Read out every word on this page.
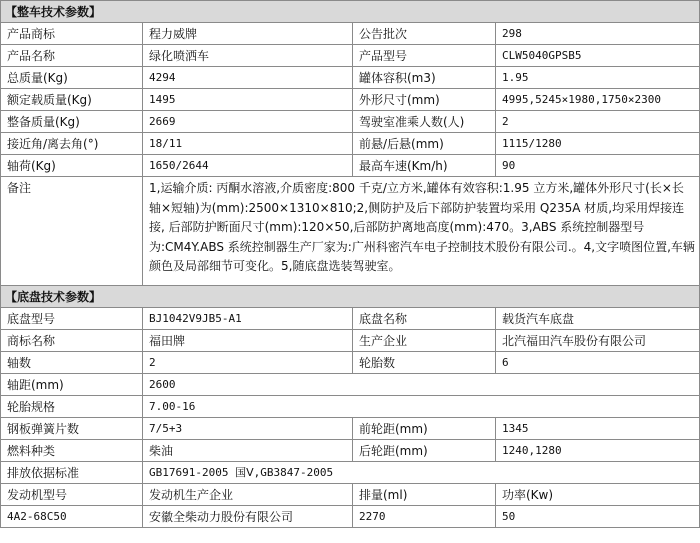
【整车技术参数】			
产品商标	程力威牌	公告批次	298
产品名称	绿化喷洒车	产品型号	CLW5040GPSB5
总质量(Kg)	4294	罐体容积(m3)	1.95
额定载质量(Kg)	1495	外形尺寸(mm)	4995,5245×1980,1750×2300
整备质量(Kg)	2669	驾驶室准乘人数(人)	2
接近角/离去角(°)	18/11	前悬/后悬(mm)	1115/1280
轴荷(Kg)	1650/2644	最高车速(Km/h)	90
备注	1,运输介质: 丙酮水溶液,介质密度:800 千克/立方米,罐体有效容积:1.95 立方米,罐体外形尺寸(长×长轴×短轴)为(mm):2500×1310×810;2,侧防护及后下部防护装置均采用 Q235A 材质,均采用焊接连接, 后部防护断面尺寸(mm):120×50,后部防护离地高度(mm):470。3,ABS 系统控制器型号为:CM4Y.ABS 系统控制器生产厂家为:广州科密汽车电子控制技术股份有限公司.。4,文字喷图位置,车辆颜色及局部细节可变化。5,随底盘选装驾驶室。		
【底盘技术参数】			
底盘型号	BJ1042V9JB5-A1	底盘名称	载货汽车底盘
商标名称	福田牌	生产企业	北汽福田汽车股份有限公司
轴数	2	轮胎数	6
轴距(mm)	2600		
轮胎规格	7.00-16		
钢板弹簧片数	7/5+3	前轮距(mm)	1345
燃料种类	柴油	后轮距(mm)	1240,1280
排放依据标准	GB17691-2005 国Ⅴ,GB3847-2005		
发动机型号	发动机生产企业	排量(ml)	功率(Kw)
4A2-68C50	安徽全柴动力股份有限公司	2270	50
